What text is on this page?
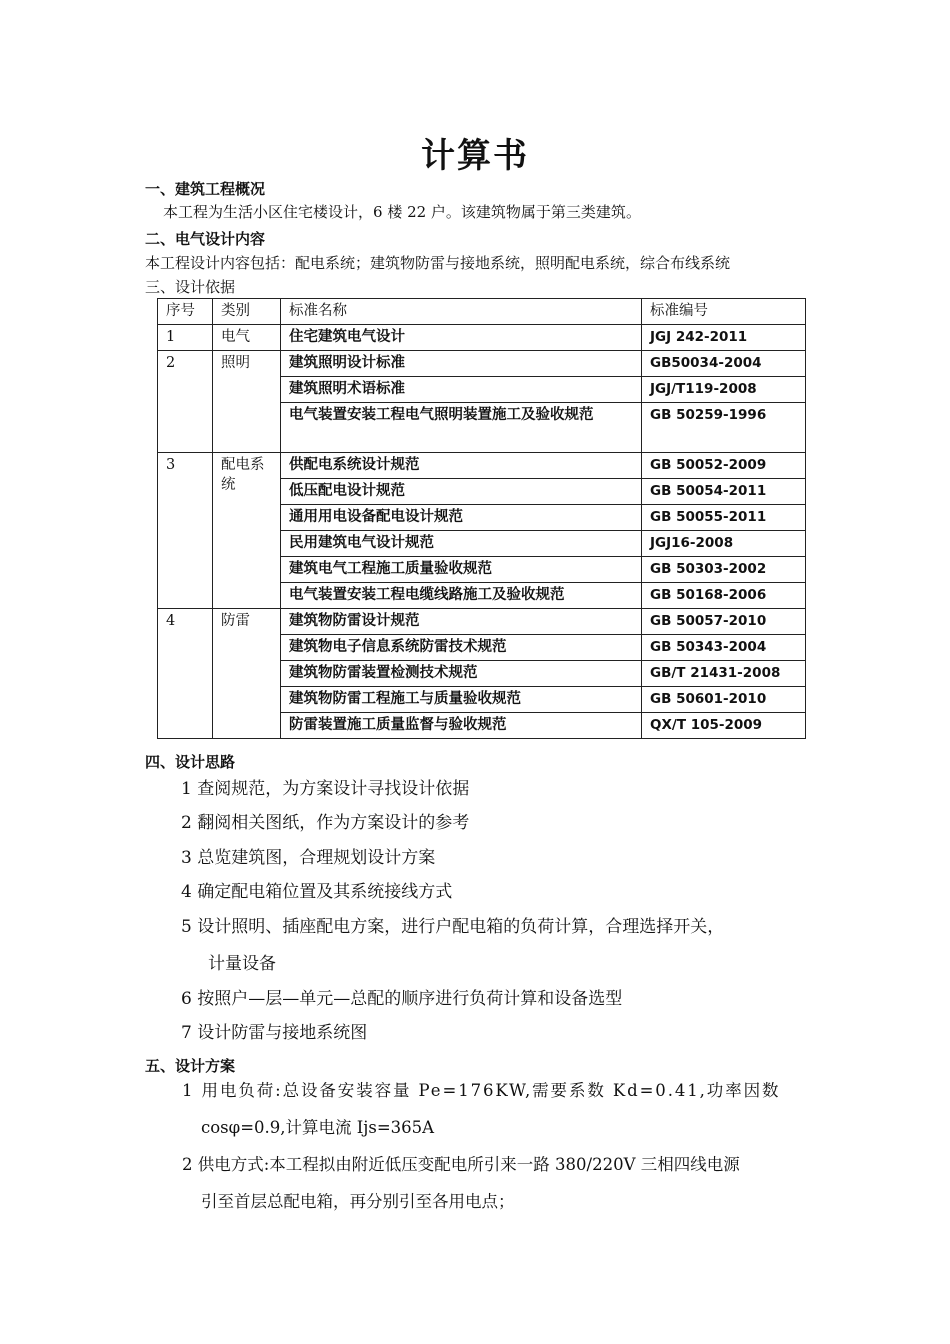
计算书
一、建筑工程概况
本工程为生活小区住宅楼设计，6 楼 22 户。该建筑物属于第三类建筑。
二、电气设计内容
本工程设计内容包括：配电系统；建筑物防雷与接地系统，照明配电系统，综合布线系统
三、设计依据
序号	类别	标准名称	标准编号
1	电气	住宅建筑电气设计	JGJ 242-2011
2	照明	建筑照明设计标准	GB50034-2004
		建筑照明术语标准	JGJ/T119-2008
		电气装置安装工程电气照明装置施工及验收规范	GB 50259-1996
3	配电系统	供配电系统设计规范	GB 50052-2009
		低压配电设计规范	GB 50054-2011
		通用用电设备配电设计规范	GB 50055-2011
		民用建筑电气设计规范	JGJ16-2008
		建筑电气工程施工质量验收规范	GB 50303-2002
		电气装置安装工程电缆线路施工及验收规范	GB 50168-2006
4	防雷	建筑物防雷设计规范	GB 50057-2010
		建筑物电子信息系统防雷技术规范	GB 50343-2004
		建筑物防雷装置检测技术规范	GB/T 21431-2008
		建筑物防雷工程施工与质量验收规范	GB 50601-2010
		防雷装置施工质量监督与验收规范	QX/T 105-2009
四、设计思路
1 查阅规范，为方案设计寻找设计依据
2 翻阅相关图纸，作为方案设计的参考
3 总览建筑图，合理规划设计方案
4 确定配电箱位置及其系统接线方式
5 设计照明、插座配电方案，进行户配电箱的负荷计算，合理选择开关，
计量设备
6 按照户—层—单元—总配的顺序进行负荷计算和设备选型
7 设计防雷与接地系统图
五、设计方案
1 用电负荷:总设备安装容量 Pe=176KW,需要系数 Kd=0.41,功率因数
cosφ=0.9,计算电流 Ijs=365A
2 供电方式:本工程拟由附近低压变配电所引来一路 380/220V 三相四线电源
引至首层总配电箱，再分别引至各用电点；
